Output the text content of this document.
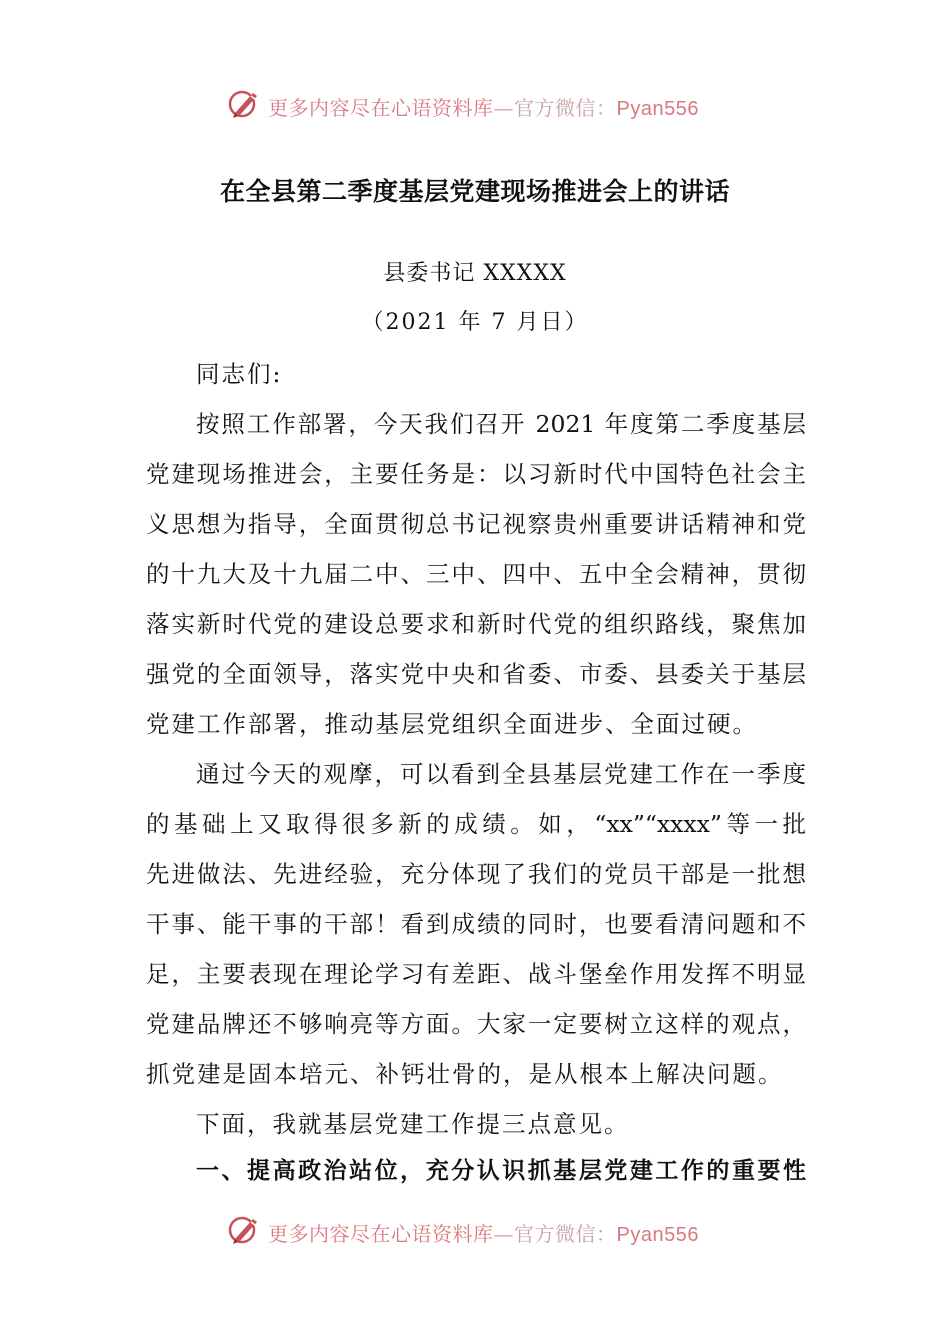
更多内容尽在心语资料库—官方微信：Pyan556
在全县第二季度基层党建现场推进会上的讲话
县委书记 XXXXX
（2021 年 7 月日）
同志们:
按照工作部署，今天我们召开 2021 年度第二季度基层
党建现场推进会，主要任务是：以习新时代中国特色社会主
义思想为指导，全面贯彻总书记视察贵州重要讲话精神和党
的十九大及十九届二中、三中、四中、五中全会精神，贯彻
落实新时代党的建设总要求和新时代党的组织路线，聚焦加
强党的全面领导，落实党中央和省委、市委、县委关于基层
党建工作部署，推动基层党组织全面进步、全面过硬。
通过今天的观摩，可以看到全县基层党建工作在一季度
的基础上又取得很多新的成绩。如，“xx”“xxxx”等一批
先进做法、先进经验，充分体现了我们的党员干部是一批想
干事、能干事的干部！看到成绩的同时，也要看清问题和不
足，主要表现在理论学习有差距、战斗堡垒作用发挥不明显
党建品牌还不够响亮等方面。大家一定要树立这样的观点，
抓党建是固本培元、补钙壮骨的，是从根本上解决问题。
下面，我就基层党建工作提三点意见。
一、提高政治站位，充分认识抓基层党建工作的重要性
更多内容尽在心语资料库—官方微信：Pyan556
